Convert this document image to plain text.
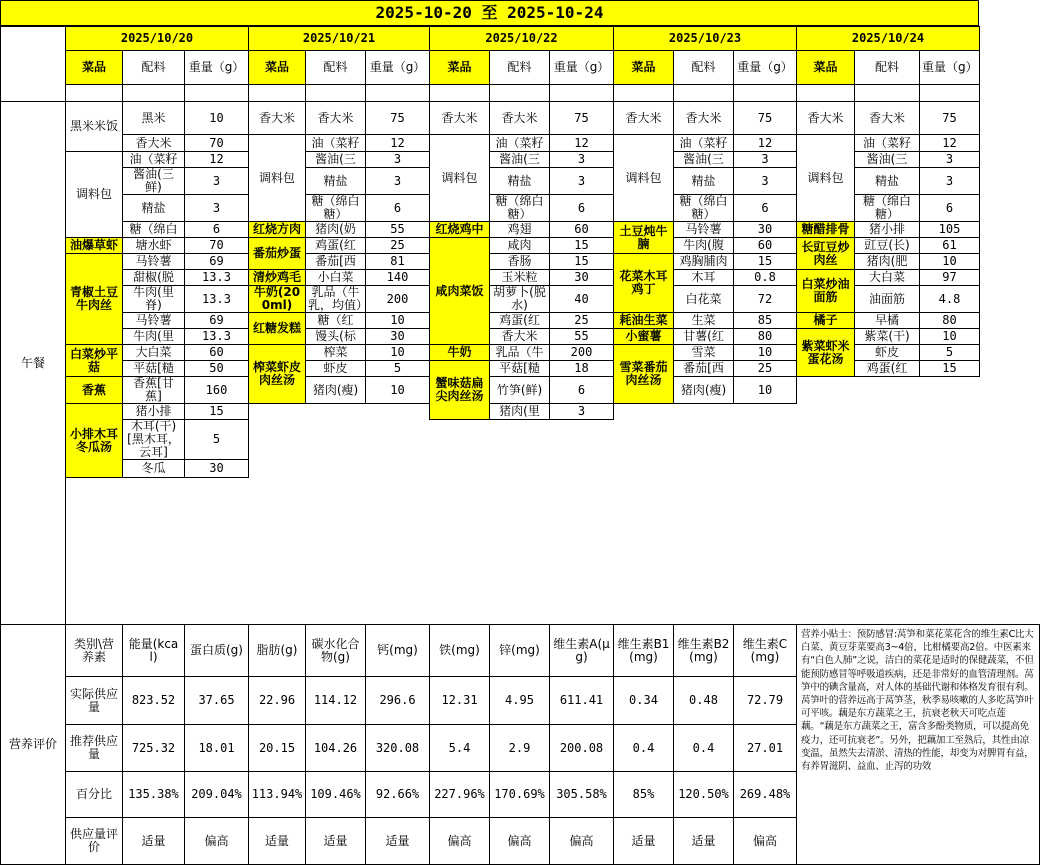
2025-10-20 至 2025-10-24
	2025/10/20			2025/10/21			2025/10/22			2025/10/23			2025/10/24		
	菜品	配料	重量（g）	菜品	配料	重量（g）	菜品	配料	重量（g）	菜品	配料	重量（g）	菜品	配料	重量（g）

午餐	黑米米饭	黑米	10	香大米	香大米	75	香大米	香大米	75	香大米	香大米	75	香大米	香大米	75
		香大米	70	调料包	油（菜籽	12	调料包	油（菜籽	12	调料包	油（菜籽	12	调料包	油（菜籽	12
	调料包	油（菜籽	12		酱油(三	3		酱油(三	3		酱油(三	3		酱油(三	3
		酱油(三鲜)	3		精盐	3		精盐	3		精盐	3		精盐	3
		精盐	3		糖（绵白糖）	6		糖（绵白糖）	6		糖（绵白糖）	6		糖（绵白糖）	6
		糖（绵白	6	红烧方肉	猪肉(奶	55	红烧鸡中	鸡翅	60	土豆炖牛腩	马铃薯	30	糖醋排骨	猪小排	105
	油爆草虾	塘水虾	70	番茄炒蛋	鸡蛋(红	25	咸肉菜饭	咸肉	15		牛肉(腹	60	长豇豆炒肉丝	豇豆(长)	61
	青椒土豆牛肉丝	马铃薯	69		番茄[西	81		香肠	15	花菜木耳鸡丁	鸡胸脯肉	15		猪肉(肥	10
		甜椒(脱	13.3	清炒鸡毛	小白菜	140		玉米粒	30		木耳	0.8	白菜炒油面筋	大白菜	97
		牛肉(里脊)	13.3	牛奶(200ml)	乳品（牛乳，均值）	200		胡萝卜(脱水)	40		白花菜	72		油面筋	4.8
		马铃薯	69	红糖发糕	糖（红	10		鸡蛋(红	25	耗油生菜	生菜	85	橘子	早橘	80
		牛肉(里	13.3		馒头(标	30		香大米	55	小蜜薯	甘薯(红	80	紫菜虾米蛋花汤	紫菜(干)	10
	白菜炒平菇	大白菜	60	榨菜虾皮肉丝汤	榨菜	10	牛奶	乳品（牛	200	雪菜番茄肉丝汤	雪菜	10		虾皮	5
		平菇[糙	50		虾皮	5	蟹味菇扁尖肉丝汤	平菇[糙	18		番茄[西	25		鸡蛋(红	15
	香蕉	香蕉[甘蕉]	160		猪肉(瘦)	10		竹笋(鲜)	6		猪肉(瘦)	10			
	小排木耳冬瓜汤	猪小排	15					猪肉(里	3						
		木耳(干)[黑木耳，云耳]	5												
		冬瓜	30												

营养评价	类别\营养素	能量(kcal)	蛋白质(g)	脂肪(g)	碳水化合物(g)	钙(mg)	铁(mg)	锌(mg)	维生素A(μg)	维生素B1(mg)	维生素B2(mg)	维生素C(mg)	营养小贴士：预防感冒:莴笋和菜花菜花含的维生素C比大白菜、黄豆芽菜要高3~4倍，比柑橘要高2倍。中医素来有“白色人肺”之说，洁白的菜花是适时的保健蔬菜，不但能预防感冒等呼吸道疾病，还是非常好的血管清理剂。莴笋中的碘含量高，对人体的基础代谢和体格发育很有利。莴笋叶的营养远高于莴笋茎，秋季易咳嗽的人多吃莴笋叶可平咳。藕是东方蔬菜之王，抗衰老秋天可吃点莲藕。“藕是东方蔬菜之王，富含多酚类物质，可以提高免疫力，还可抗衰老”。另外，把藕加工至熟后，其性由凉变温，虽然失去清淤、清热的性能，却变为对脾胃有益，有养胃滋阴、益血、止泻的功效		
	实际供应量	823.52	37.65	22.96	114.12	296.6	12.31	4.95	611.41	0.34	0.48	72.79			
	推荐供应量	725.32	18.01	20.15	104.26	320.08	5.4	2.9	200.08	0.4	0.4	27.01			
	百分比	135.38%	209.04%	113.94%	109.46%	92.66%	227.96%	170.69%	305.58%	85%	120.50%	269.48%			
	供应量评价	适量	偏高	适量	适量	适量	偏高	偏高	偏高	适量	适量	偏高			
